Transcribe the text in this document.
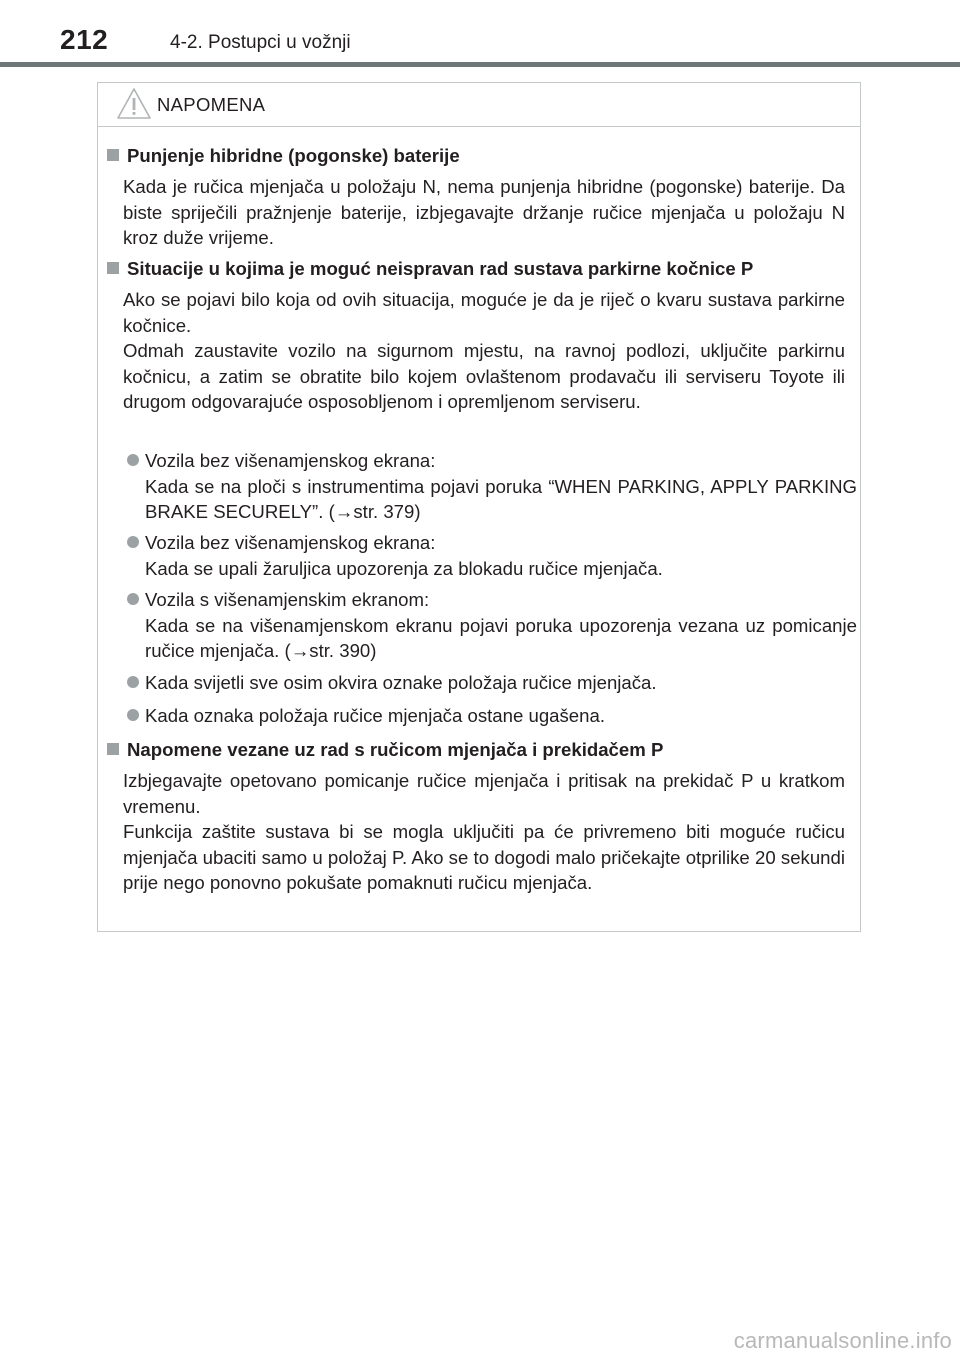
212	4-2. Postupci u vožnji
NAPOMENA
Punjenje hibridne (pogonske) baterije
Kada je ručica mjenjača u položaju N, nema punjenja hibridne (pogonske) baterije. Da biste spriječili pražnjenje baterije, izbjegavajte držanje ručice mjenjača u položaju N kroz duže vrijeme.
Situacije u kojima je moguć neispravan rad sustava parkirne kočnice P
Ako se pojavi bilo koja od ovih situacija, moguće je da je riječ o kvaru sustava parkirne kočnice.
Odmah zaustavite vozilo na sigurnom mjestu, na ravnoj podlozi, uključite parkirnu kočnicu, a zatim se obratite bilo kojem ovlaštenom prodavaču ili serviseru Toyote ili drugom odgovarajuće osposobljenom i opremljenom serviseru.
Vozila bez višenamjenskog ekrana:
Kada se na ploči s instrumentima pojavi poruka “WHEN PARKING, APPLY PARKING BRAKE SECURELY”. (→str. 379)
Vozila bez višenamjenskog ekrana:
Kada se upali žaruljica upozorenja za blokadu ručice mjenjača.
Vozila s višenamjenskim ekranom:
Kada se na višenamjenskom ekranu pojavi poruka upozorenja vezana uz pomicanje ručice mjenjača. (→str. 390)
Kada svijetli sve osim okvira oznake položaja ručice mjenjača.
Kada oznaka položaja ručice mjenjača ostane ugašena.
Napomene vezane uz rad s ručicom mjenjača i prekidačem P
Izbjegavajte opetovano pomicanje ručice mjenjača i pritisak na prekidač P u kratkom vremenu.
Funkcija zaštite sustava bi se mogla uključiti pa će privremeno biti moguće ručicu mjenjača ubaciti samo u položaj P. Ako se to dogodi malo pričekajte otprilike 20 sekundi prije nego ponovno pokušate pomaknuti ručicu mjenjača.
carmanualsonline.info
